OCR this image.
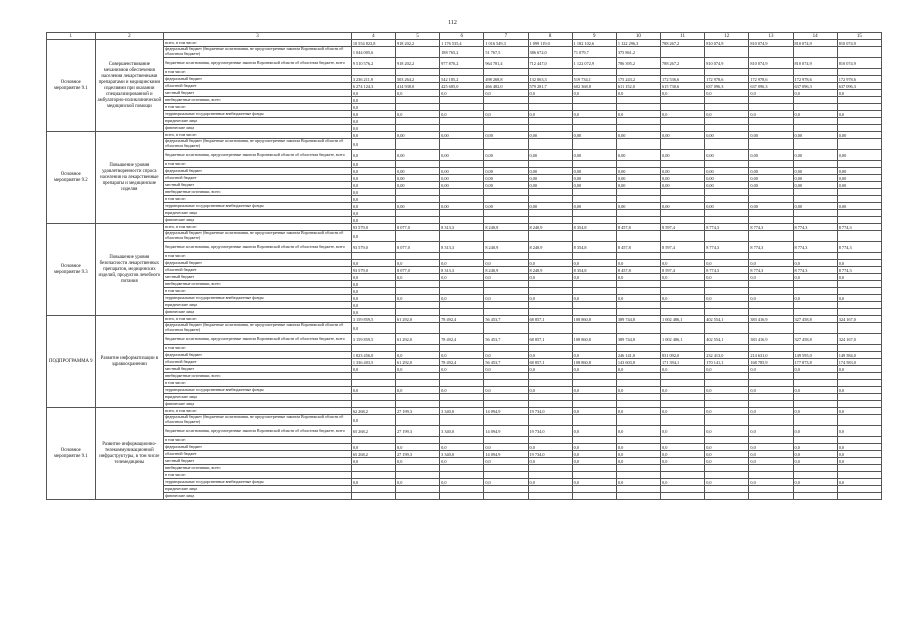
112
1	2	3	4	5	6	7	8	9	10	11	12	13	14	15
Основное мероприятие 9.1	Совершенствование механизмов обеспечения населения лекарственными препаратами и медицинскими изделиями при оказании специализированной и амбулаторно-поликлинической медицинской помощи	всего, в том числе:	10 554 823,8	918 202,2	1 176 535,4	1 016 549,3	1 099 119,0	1 182 102,6	1 122 296,3	788 267,2	810 074,9	810 074,9	810 074,9	810 074,9
		федеральный бюджет (бюджетные ассигнования, не предусмотренные законом Воронежской области об областном бюджете)	1 044 005,6		188 765,2	51 767,5	386 672,0	71 079,7	375 861,2					
		бюджетные ассигнования, предусмотренные законом Воронежской области об областном бюджете, всего	9 510 576,2	918 202,2	977 870,2	964 781,4	712 447,0	1 122 072,9	786 395,2	788 267,2	810 074,9	810 074,9	810 074,9	810 074,9
		в том числе:												
		федеральный бюджет	3 236 211,9	503 264,2	542 185,2	498 268,8	132 063,3	519 734,1	175 243,2	172 536,6	172 978,6	172 978,6	172 978,6	172 978,6
		областной бюджет	6 274 124,3	414 938,0	425 685,0	466 482,0	579 281,7	602 368,8	611 152,0	615 730,6	637 096,3	637 096,3	637 096,3	637 096,3
		местный бюджет	0,0	0,0	0,0	0,0	0,0	0,0	0,0	0,0	0,0	0,0	0,0	0,0
		внебюджетные источники, всего	0,0											
		в том числе:	0,0											
		территориальные государственные внебюджетные фонды	0,0	0,0	0,0	0,0	0,0	0,0	0,0	0,0	0,0	0,0	0,0	0,0
		юридические лица	0,0											
		физические лица	0,0											
Основное мероприятие 9.2	Повышение уровня удовлетворенности спроса населения на лекарственные препараты и медицинские изделия	всего, в том числе:	0,0	0,00	0,00	0,00	0,00	0,00	0,00	0,00	0,00	0,00	0,00	0,00
		федеральный бюджет (бюджетные ассигнования, не предусмотренные законом Воронежской области об областном бюджете)	0,0											
		бюджетные ассигнования, предусмотренные законом Воронежской области об областном бюджете, всего	0,0	0,00	0,00	0,00	0,00	0,00	0,00	0,00	0,00	0,00	0,00	0,00
		в том числе:	0,0											
		федеральный бюджет	0,0	0,00	0,00	0,00	0,00	0,00	0,00	0,00	0,00	0,00	0,00	0,00
		областной бюджет	0,0	0,00	0,00	0,00	0,00	0,00	0,00	0,00	0,00	0,00	0,00	0,00
		местный бюджет	0,0	0,00	0,00	0,00	0,00	0,00	0,00	0,00	0,00	0,00	0,00	0,00
		внебюджетные источники, всего	0,0											
		в том числе:	0,0											
		территориальные государственные внебюджетные фонды	0,0	0,00	0,00	0,00	0,00	0,00	0,00	0,00	0,00	0,00	0,00	0,00
		юридические лица	0,0											
		физические лица	0,0											
Основное мероприятие 9.3	Повышение уровня безопасности лекарственных препаратов, медицинских изделий, продуктов лечебного питания	всего, в том числе:	93 579,0	8 077,0	8 313,3	8 240,9	8 240,9	8 354,8	8 457,8	8 597,4	8 774,3	8 774,3	8 774,3	8 774,3
		федеральный бюджет (бюджетные ассигнования, не предусмотренные законом Воронежской области об областном бюджете)	0,0											
		бюджетные ассигнования, предусмотренные законом Воронежской области об областном бюджете, всего	93 579,0	8 077,0	8 313,3	8 240,9	8 240,9	8 354,8	8 457,8	8 597,4	8 774,3	8 774,3	8 774,3	8 774,3
		в том числе:												
		федеральный бюджет	0,0	0,0	0,0	0,0	0,0	0,0	0,0	0,0	0,0	0,0	0,0	0,0
		областной бюджет	93 579,0	8 077,0	8 313,3	8 240,9	8 240,9	8 354,8	8 457,8	8 597,4	8 774,3	8 774,3	8 774,3	8 774,3
		местный бюджет	0,0	0,0	0,0	0,0	0,0	0,0	0,0	0,0	0,0	0,0	0,0	0,0
		внебюджетные источники, всего	0,0											
		в том числе:	0,0											
		территориальные государственные внебюджетные фонды	0,0	0,0	0,0	0,0	0,0	0,0	0,0	0,0	0,0	0,0	0,0	0,0
		юридические лица	0,0											
		физические лица	0,0											
ПОДПРОГРАММА 9	Развитие информатизации в здравоохранении	всего, в том числе:	3 159 859,5	61 292,0	78 492,4	56 453,7	68 857,1	108 860,8	389 744,8	1 002 486,1	402 554,1	383 416,9	327 458,8	324 167,0
		федеральный бюджет (бюджетные ассигнования, не предусмотренные законом Воронежской области об областном бюджете)	0,0											
		бюджетные ассигнования, предусмотренные законом Воронежской области об областном бюджете, всего	3 159 859,5	61 292,0	78 492,4	56 453,7	68 857,1	108 860,8	389 744,8	1 002 486,1	402 554,1	383 416,9	327 458,8	324 167,0
		в том числе:												
		федеральный бюджет	1 823 456,0	0,0	0,0	0,0	0,0	0,0	246 141,0	831 092,0	232 413,0	214 631,0	149 595,0	149 584,0
		областной бюджет	1 336 403,5	61 292,0	78 492,4	56 453,7	68 857,1	108 860,8	143 603,8	171 394,1	170 141,1	168 785,9	177 873,8	174 583,0
		местный бюджет	0,0	0,0	0,0	0,0	0,0	0,0	0,0	0,0	0,0	0,0	0,0	0,0
		внебюджетные источники, всего												
		в том числе:												
		территориальные государственные внебюджетные фонды	0,0	0,0	0,0	0,0	0,0	0,0	0,0	0,0	0,0	0,0	0,0	0,0
		юридические лица												
		физические лица												
Основное мероприятие 9.1	Развитие информационно-телекоммуникационной инфраструктуры, в том числе телемедицины	всего, в том числе:	62 268,2	27 199,3	3 340,0	14 094,9	19 734,0	0,0	0,0	0,0	0,0	0,0	0,0	0,0
		федеральный бюджет (бюджетные ассигнования, не предусмотренные законом Воронежской области об областном бюджете)	0,0											
		бюджетные ассигнования, предусмотренные законом Воронежской области об областном бюджете, всего	65 268,2	27 199,3	3 340,0	14 094,9	19 734,0	0,0	0,0	0,0	0,0	0,0	0,0	0,0
		в том числе:												
		федеральный бюджет	0,0	0,0	0,0	0,0	0,0	0,0	0,0	0,0	0,0	0,0	0,0	0,0
		областной бюджет	65 268,2	27 199,3	3 340,0	14 094,9	19 734,0	0,0	0,0	0,0	0,0	0,0	0,0	0,0
		местный бюджет	0,0	0,0	0,0	0,0	0,0	0,0	0,0	0,0	0,0	0,0	0,0	0,0
		внебюджетные источники, всего												
		в том числе:												
		территориальные государственные внебюджетные фонды	0,0	0,0	0,0	0,0	0,0	0,0	0,0	0,0	0,0	0,0	0,0	0,0
		юридические лица												
		физические лица												
